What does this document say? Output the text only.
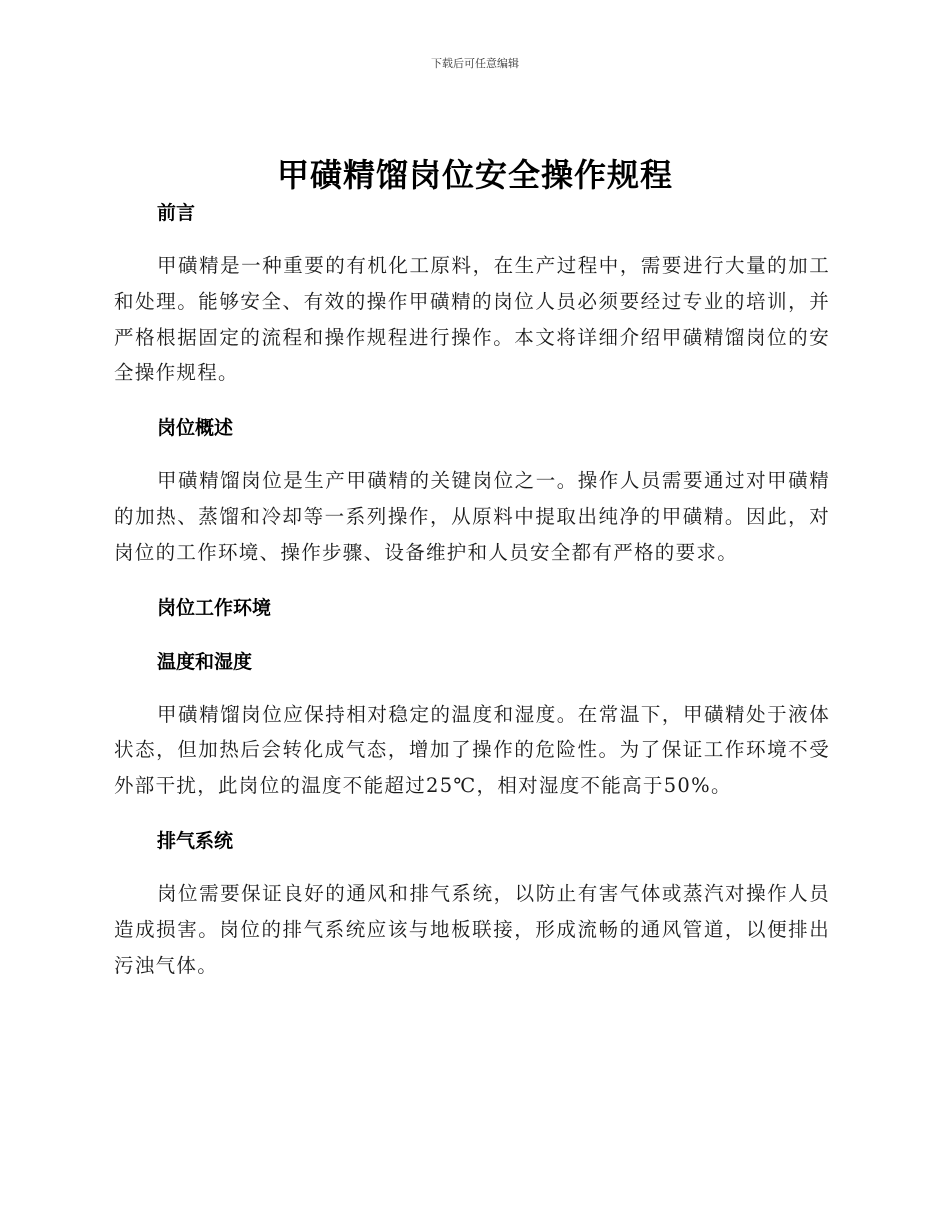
下载后可任意编辑
甲磺精馏岗位安全操作规程
前言

甲磺精是一种重要的有机化工原料，在生产过程中，需要进行大量的加工和处理。能够安全、有效的操作甲磺精的岗位人员必须要经过专业的培训，并严格根据固定的流程和操作规程进行操作。本文将详细介绍甲磺精馏岗位的安全操作规程。

岗位概述

甲磺精馏岗位是生产甲磺精的关键岗位之一。操作人员需要通过对甲磺精的加热、蒸馏和冷却等一系列操作，从原料中提取出纯净的甲磺精。因此，对岗位的工作环境、操作步骤、设备维护和人员安全都有严格的要求。

岗位工作环境
温度和湿度

甲磺精馏岗位应保持相对稳定的温度和湿度。在常温下，甲磺精处于液体状态，但加热后会转化成气态，增加了操作的危险性。为了保证工作环境不受外部干扰，此岗位的温度不能超过25℃，相对湿度不能高于50%。

排气系统

岗位需要保证良好的通风和排气系统，以防止有害气体或蒸汽对操作人员造成损害。岗位的排气系统应该与地板联接，形成流畅的通风管道，以便排出污浊气体。
